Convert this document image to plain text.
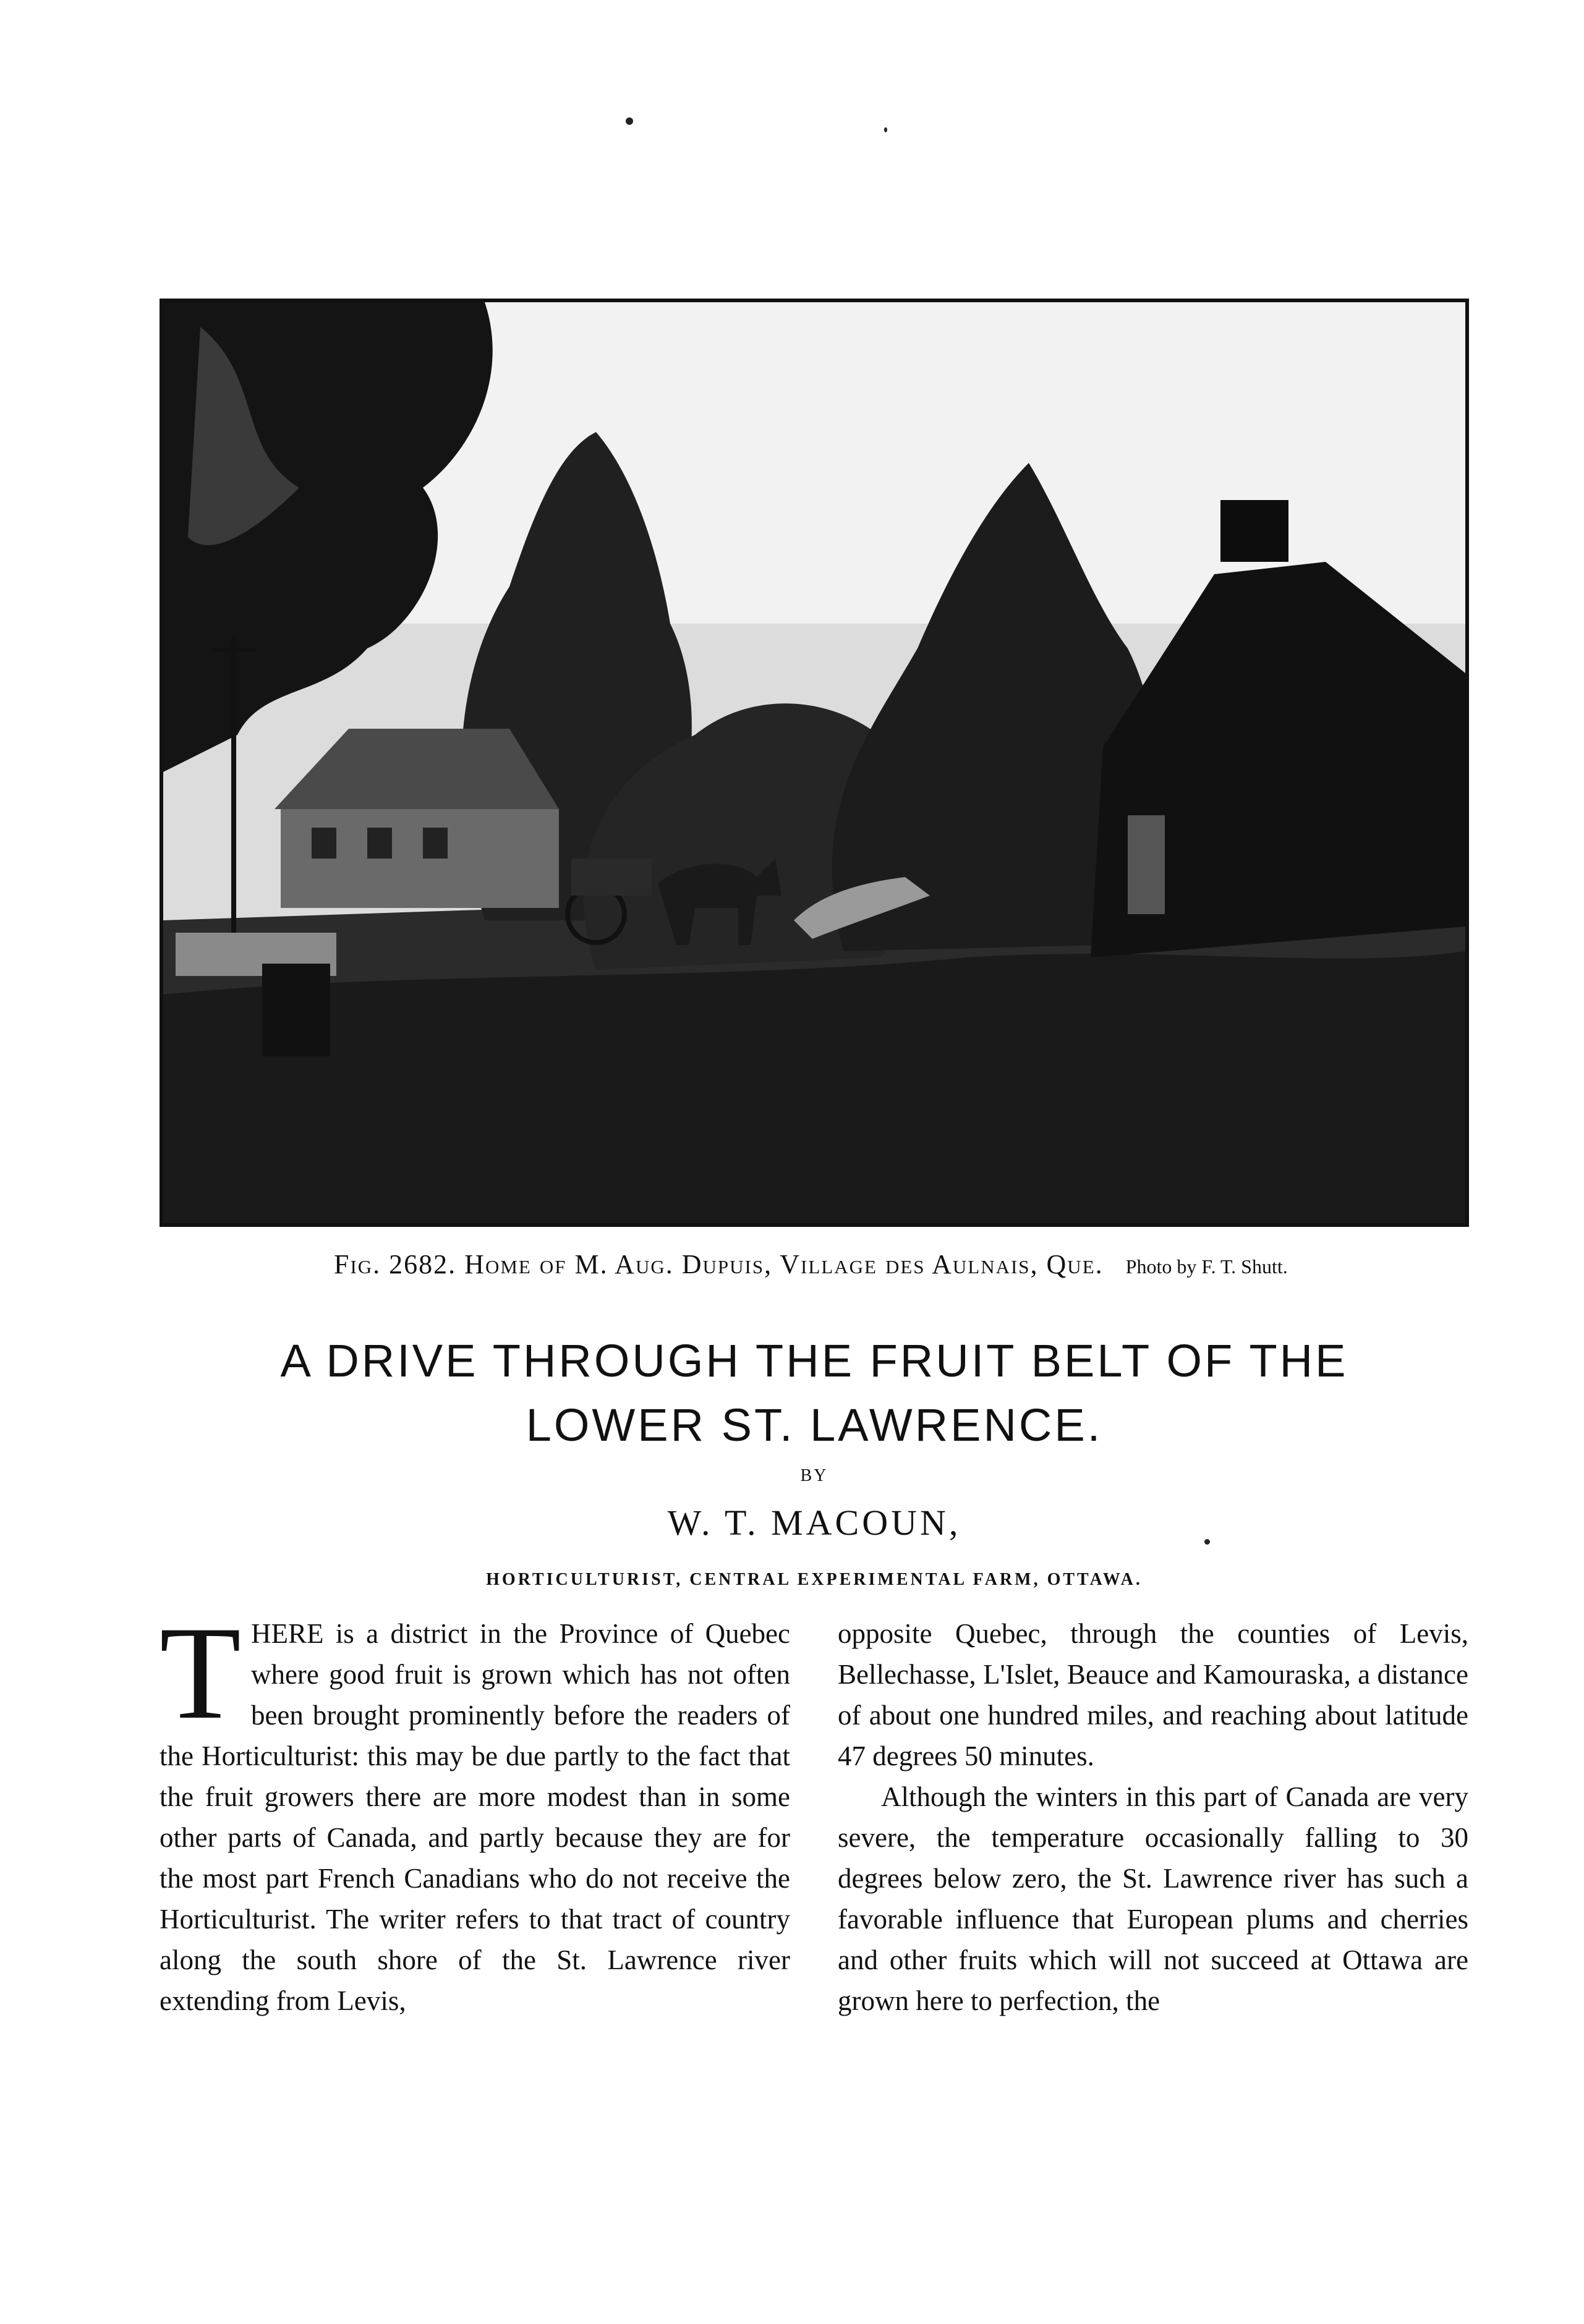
Fig. 2682. Home of M. Aug. Dupuis, Village des Aulnais, Que. Photo by F. T. Shutt.
A DRIVE THROUGH THE FRUIT BELT OF THE
LOWER ST. LAWRENCE.
BY
W. T. MACOUN,
HORTICULTURIST, CENTRAL EXPERIMENTAL FARM, OTTAWA.

THERE is a district in the Province of Quebec where good fruit is grown which has not often been brought prominently before the readers of the Horticulturist: this may be due partly to the fact that the fruit growers there are more modest than in some other parts of Canada, and partly because they are for the most part French Canadians who do not receive the Horticulturist. The writer refers to that tract of country along the south shore of the St. Lawrence river extending from Levis,

opposite Quebec, through the counties of Levis, Bellechasse, L'Islet, Beauce and Kamouraska, a distance of about one hundred miles, and reaching about latitude 47 degrees 50 minutes.

Although the winters in this part of Canada are very severe, the temperature occasionally falling to 30 degrees below zero, the St. Lawrence river has such a favorable influence that European plums and cherries and other fruits which will not succeed at Ottawa are grown here to perfection, the
